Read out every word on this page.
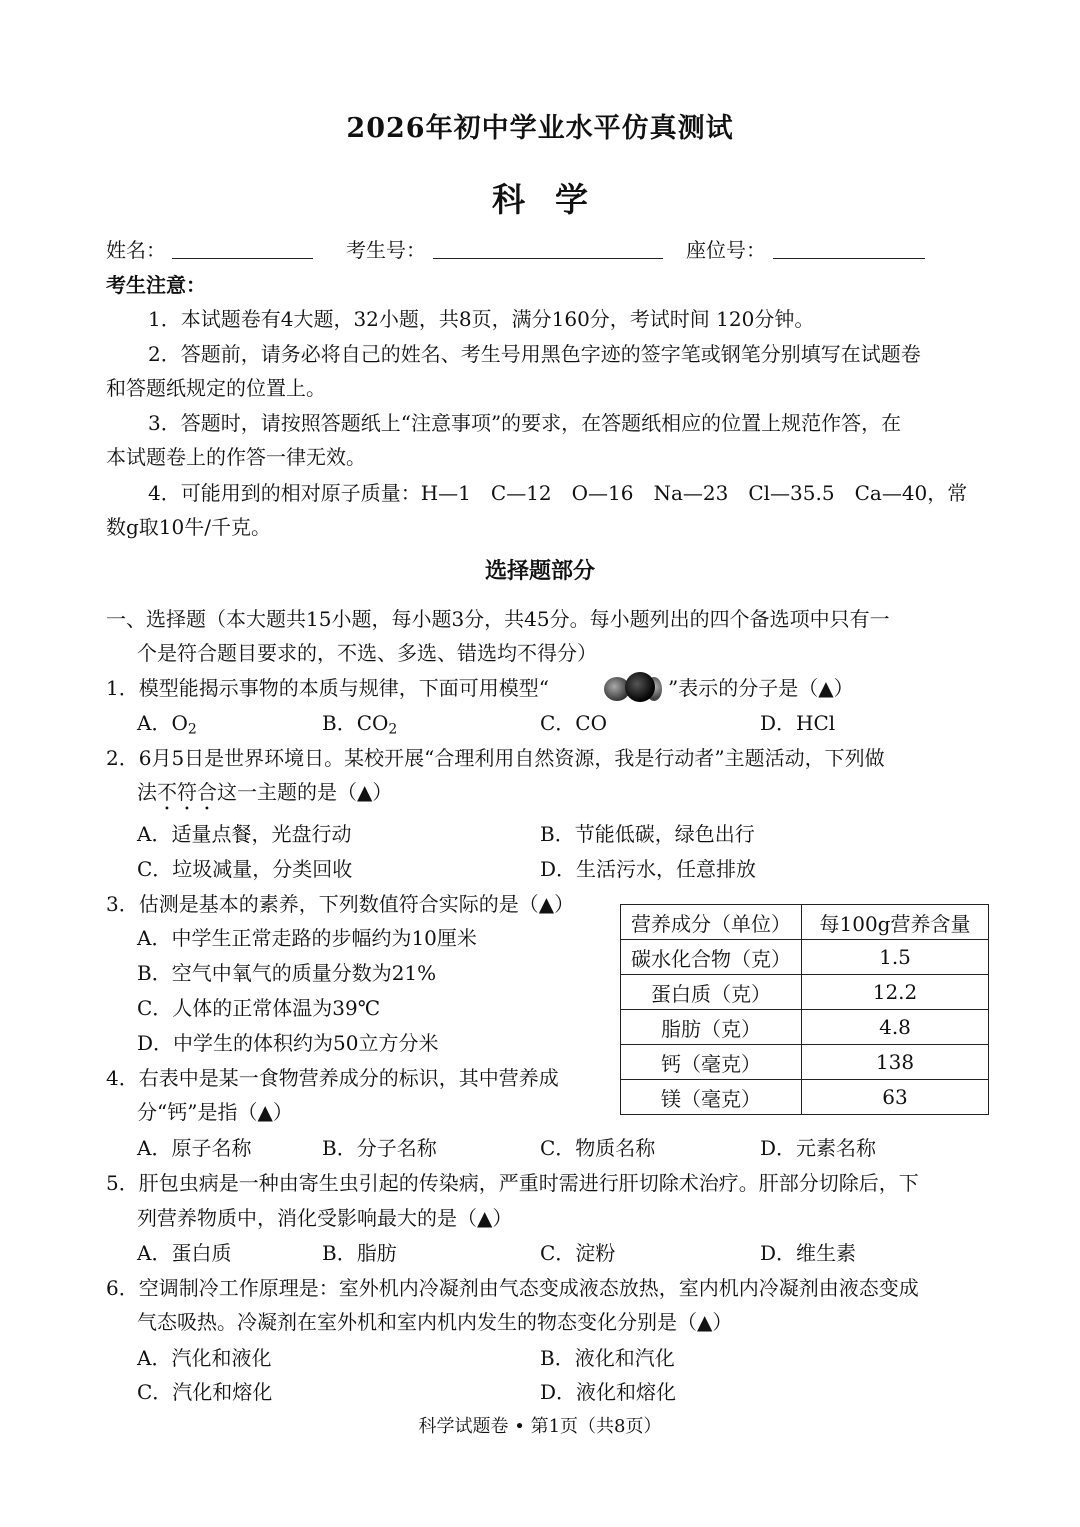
2026年初中学业水平仿真测试
科学
姓名：	考生号：	座位号：
考生注意：
1．本试题卷有4大题，32小题，共8页，满分160分，考试时间 120分钟。
2．答题前，请务必将自己的姓名、考生号用黑色字迹的签字笔或钢笔分别填写在试题卷
和答题纸规定的位置上。
3．答题时，请按照答题纸上“注意事项”的要求，在答题纸相应的位置上规范作答，在
本试题卷上的作答一律无效。
4．可能用到的相对原子质量：H—1　C—12　O—16　Na—23　Cl—35.5　Ca—40，常
数g取10牛/千克。
选择题部分
一、选择题（本大题共15小题，每小题3分，共45分。每小题列出的四个备选项中只有一
个是符合题目要求的，不选、多选、错选均不得分）
1．模型能揭示事物的本质与规律，下面可用模型“	”表示的分子是（▲）
A．$O_2$	B．$CO_2$	C．CO	D．HCl
2．6月5日是世界环境日。某校开展“合理利用自然资源，我是行动者”主题活动，下列做
法不符合这一主题的是（▲）
A．适量点餐，光盘行动	B．节能低碳，绿色出行
C．垃圾减量，分类回收	D．生活污水，任意排放
3．估测是基本的素养，下列数值符合实际的是（▲）
A．中学生正常走路的步幅约为10厘米
B．空气中氧气的质量分数为21%
C．人体的正常体温为39℃
D．中学生的体积约为50立方分米
营养成分（单位）	每100g营养含量
碳水化合物（克）	1.5
蛋白质（克）	12.2
脂肪（克）	4.8
钙（毫克）	138
镁（毫克）	63
4．右表中是某一食物营养成分的标识，其中营养成
分“钙”是指（▲）
A．原子名称	B．分子名称	C．物质名称	D．元素名称
5．肝包虫病是一种由寄生虫引起的传染病，严重时需进行肝切除术治疗。肝部分切除后，下
列营养物质中，消化受影响最大的是（▲）
A．蛋白质	B．脂肪	C．淀粉	D．维生素
6．空调制冷工作原理是：室外机内冷凝剂由气态变成液态放热，室内机内冷凝剂由液态变成
气态吸热。冷凝剂在室外机和室内机内发生的物态变化分别是（▲）
A．汽化和液化	B．液化和汽化
C．汽化和熔化	D．液化和熔化
科学试题卷 • 第1页（共8页）
